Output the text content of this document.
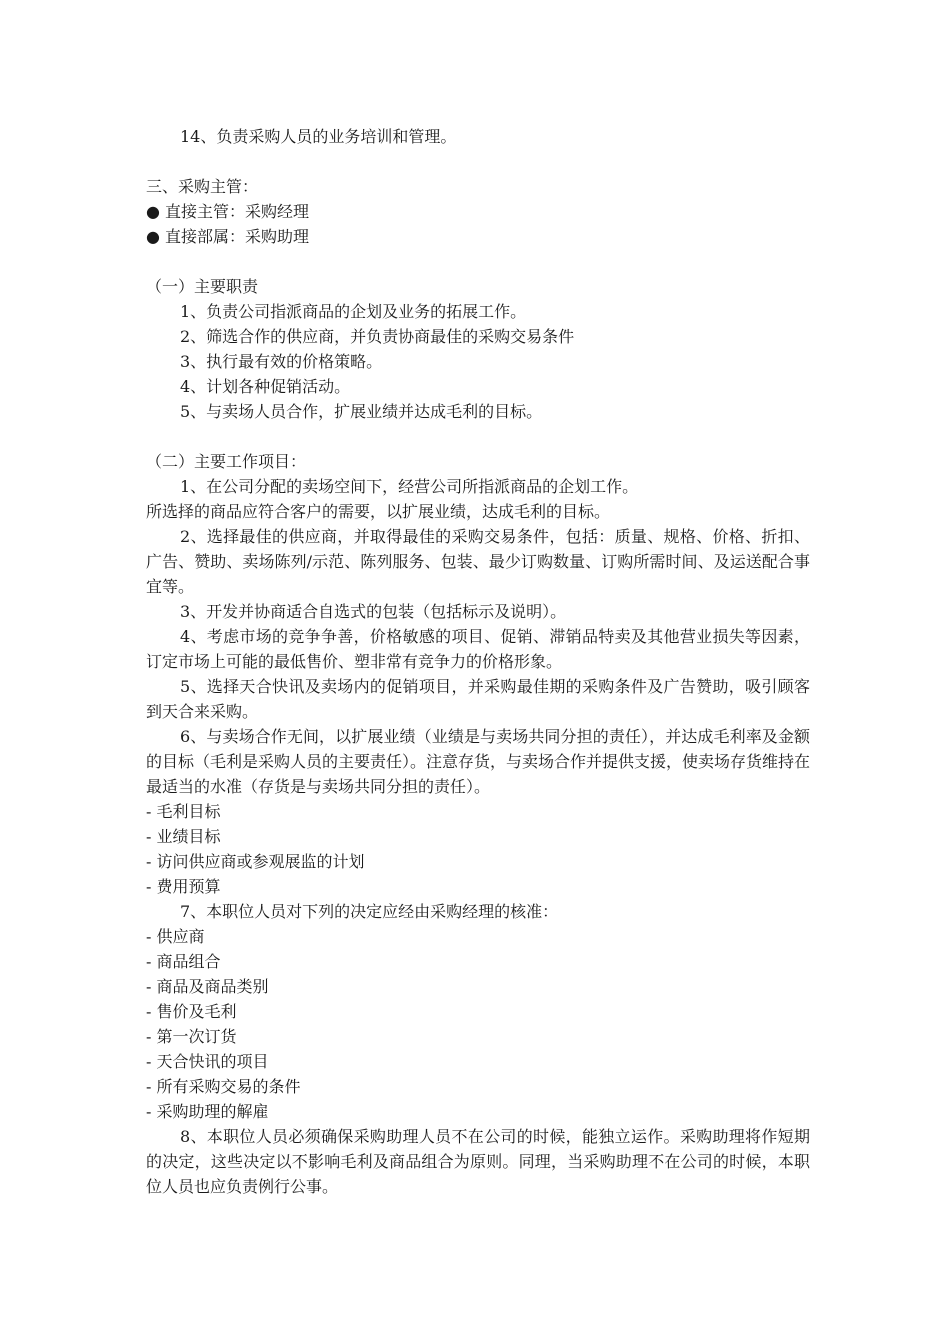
14、负责采购人员的业务培训和管理。
三、采购主管：
● 直接主管：采购经理
● 直接部属：采购助理
（一）主要职责
1、负责公司指派商品的企划及业务的拓展工作。
2、筛选合作的供应商，并负责协商最佳的采购交易条件
3、执行最有效的价格策略。
4、计划各种促销活动。
5、与卖场人员合作，扩展业绩并达成毛利的目标。
（二）主要工作项目：
1、在公司分配的卖场空间下，经营公司所指派商品的企划工作。
所选择的商品应符合客户的需要，以扩展业绩，达成毛利的目标。
2、选择最佳的供应商，并取得最佳的采购交易条件，包括：质量、规格、价格、折扣、广告、赞助、卖场陈列/示范、陈列服务、包装、最少订购数量、订购所需时间、及运送配合事宜等。
3、开发并协商适合自选式的包装（包括标示及说明）。
4、考虑市场的竞争争善，价格敏感的项目、促销、滞销品特卖及其他营业损失等因素，订定市场上可能的最低售价、塑非常有竞争力的价格形象。
5、选择天合快讯及卖场内的促销项目，并采购最佳期的采购条件及广告赞助，吸引顾客到天合来采购。
6、与卖场合作无间，以扩展业绩（业绩是与卖场共同分担的责任），并达成毛利率及金额的目标（毛利是采购人员的主要责任）。注意存货，与卖场合作并提供支援，使卖场存货维持在最适当的水准（存货是与卖场共同分担的责任）。
- 毛利目标
- 业绩目标
- 访问供应商或参观展监的计划
- 费用预算
7、本职位人员对下列的决定应经由采购经理的核准：
- 供应商
- 商品组合
- 商品及商品类别
- 售价及毛利
- 第一次订货
- 天合快讯的项目
- 所有采购交易的条件
- 采购助理的解雇
8、本职位人员必须确保采购助理人员不在公司的时候，能独立运作。采购助理将作短期的决定，这些决定以不影响毛利及商品组合为原则。同理，当采购助理不在公司的时候，本职位人员也应负责例行公事。
